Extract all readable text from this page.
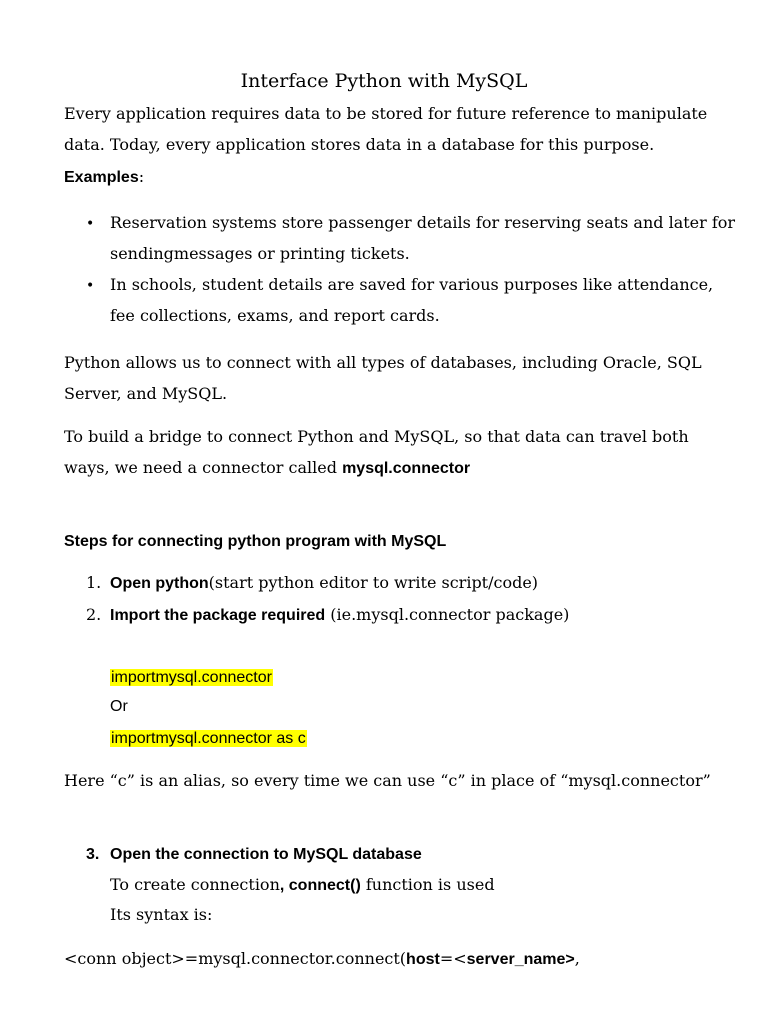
Interface Python with MySQL
Every application requires data to be stored for future reference to manipulate
data. Today, every application stores data in a database for this purpose.
Examples:
• Reservation systems store passenger details for reserving seats and later for
sendingmessages or printing tickets.
• In schools, student details are saved for various purposes like attendance,
fee collections, exams, and report cards.
Python allows us to connect with all types of databases, including Oracle, SQL
Server, and MySQL.
To build a bridge to connect Python and MySQL, so that data can travel both
ways, we need a connector called mysql.connector
Steps for connecting python program with MySQL
1. Open python(start python editor to write script/code)
2. Import the package required (ie.mysql.connector package)
importmysql.connector
Or
importmysql.connector as c
Here “c” is an alias, so every time we can use “c” in place of “mysql.connector”
3. Open the connection to MySQL database
To create connection, connect() function is used
Its syntax is:
<conn object>=mysql.connector.connect(host=<server_name>,
